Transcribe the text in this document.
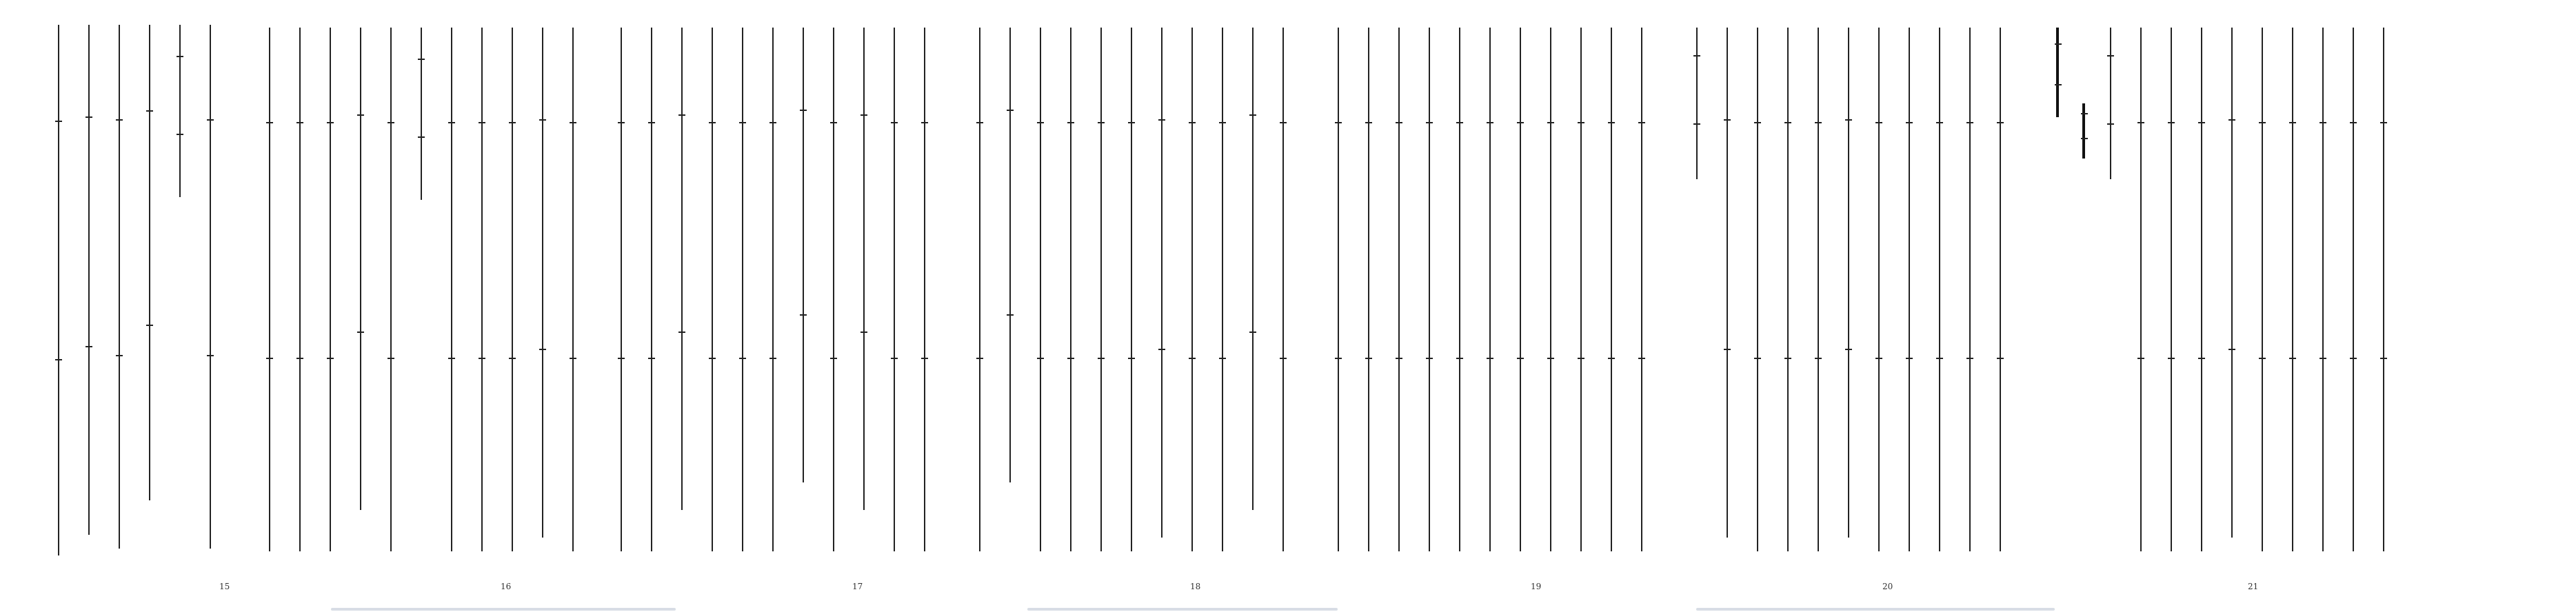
15	16	17	18	19	20	21
